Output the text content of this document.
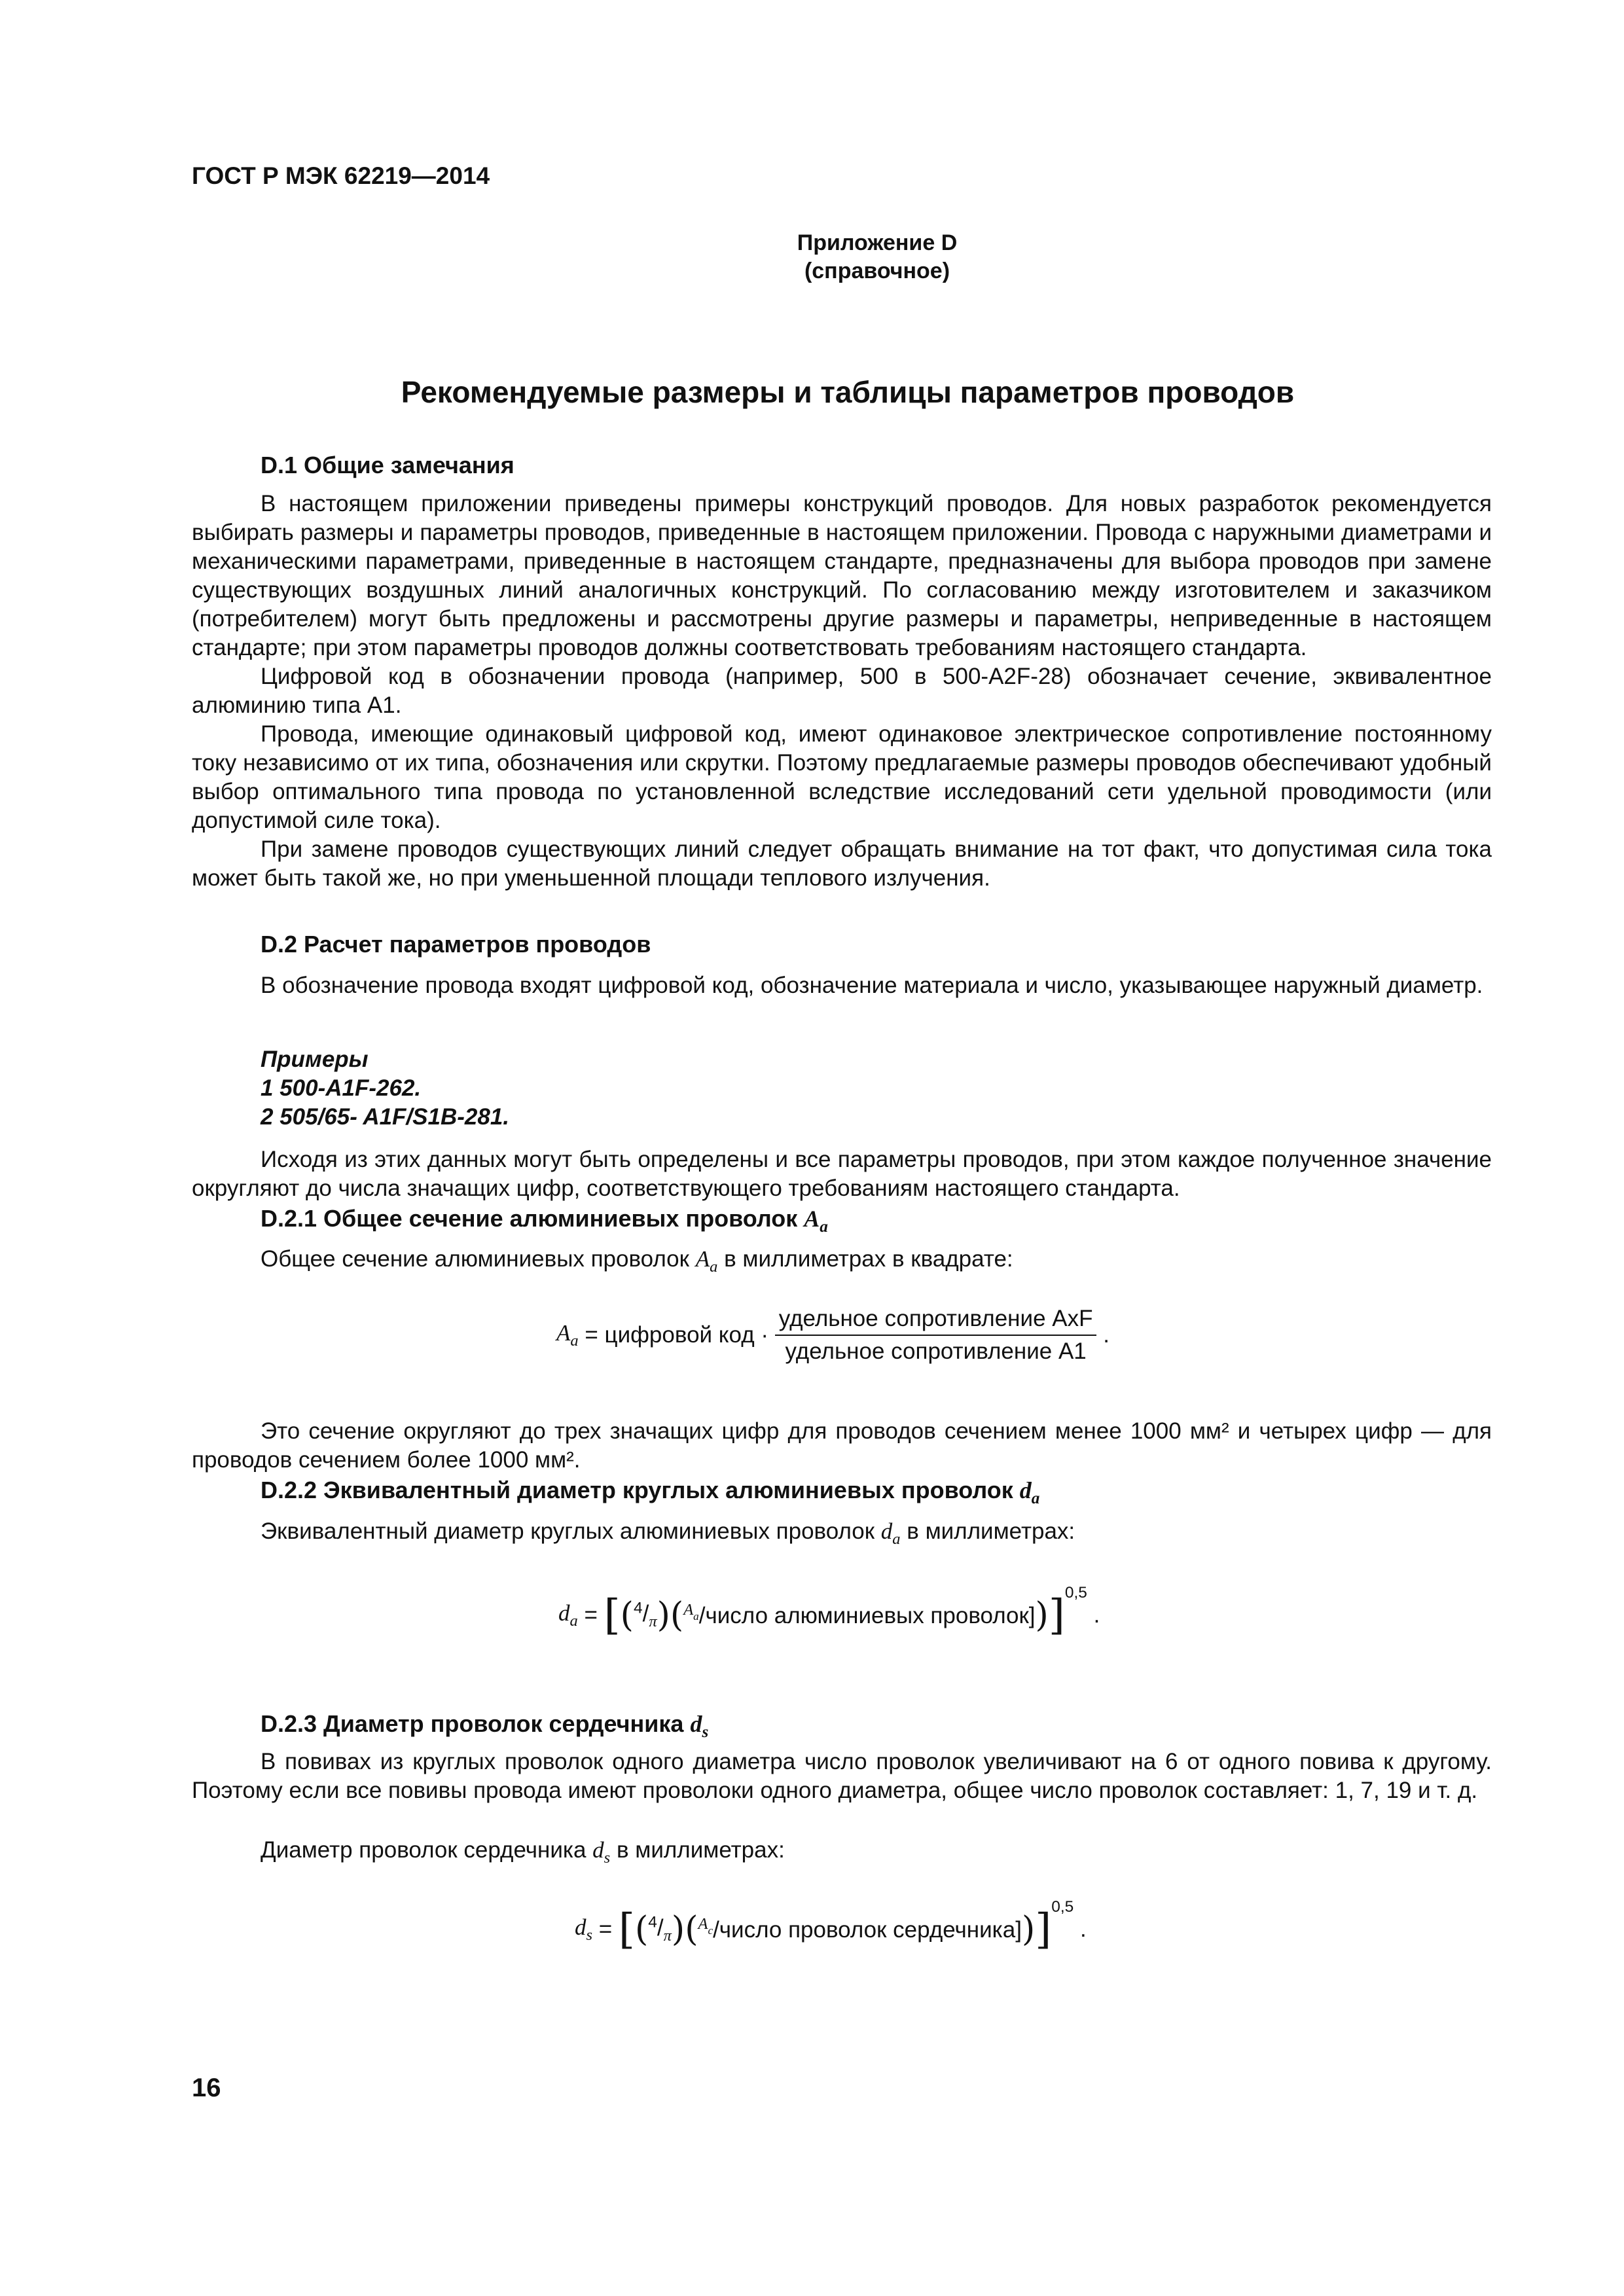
ГОСТ Р МЭК 62219—2014
Приложение D
(справочное)
Рекомендуемые размеры и таблицы параметров проводов
D.1 Общие замечания

В настоящем приложении приведены примеры конструкций проводов. Для новых разработок рекомендуется выбирать размеры и параметры проводов, приведенные в настоящем приложении. Провода с наружными диаметрами и механическими параметрами, приведенные в настоящем стандарте, предназначены для выбора проводов при замене существующих воздушных линий аналогичных конструкций. По согласованию между изготовителем и заказчиком (потребителем) могут быть предложены и рассмотрены другие размеры и параметры, неприведенные в настоящем стандарте; при этом параметры проводов должны соответствовать требованиям настоящего стандарта.

Цифровой код в обозначении провода (например, 500 в 500-A2F-28) обозначает сечение, эквивалентное алюминию типа А1.

Провода, имеющие одинаковый цифровой код, имеют одинаковое электрическое сопротивление постоянному току независимо от их типа, обозначения или скрутки. Поэтому предлагаемые размеры проводов обеспечивают удобный выбор оптимального типа провода по установленной вследствие исследований сети удельной проводимости (или допустимой силе тока).

При замене проводов существующих линий следует обращать внимание на тот факт, что допустимая сила тока может быть такой же, но при уменьшенной площади теплового излучения.

D.2 Расчет параметров проводов

В обозначение провода входят цифровой код, обозначение материала и число, указывающее наружный диаметр.

Примеры
1 500-A1F-262.
2 505/65- A1F/S1B-281.

Исходя из этих данных могут быть определены и все параметры проводов, при этом каждое полученное значение округляют до числа значащих цифр, соответствующего требованиям настоящего стандарта.

D.2.1 Общее сечение алюминиевых проволок $A_a$
Общее сечение алюминиевых проволок $A_a$ в миллиметрах в квадрате:
$A_a$ = цифровой код · $\frac{\text{удельное сопротивление AxF}}{\text{удельное сопротивление А1}}$ .

Это сечение округляют до трех значащих цифр для проводов сечением менее 1000 мм² и четырех цифр — для проводов сечением более 1000 мм².

D.2.2 Эквивалентный диаметр круглых алюминиевых проволок $d_a$
Эквивалентный диаметр круглых алюминиевых проволок $d_a$ в миллиметрах:
$d_a$ = [$(^4/_\pi)(^{A_a}$/число алюминиевых проволок])]$^{0,5}$ .
D.2.3 Диаметр проволок сердечника $d_s$

В повивах из круглых проволок одного диаметра число проволок увеличивают на 6 от одного повива к другому. Поэтому если все повивы провода имеют проволоки одного диаметра, общее число проволок составляет: 1, 7, 19 и т. д.

Диаметр проволок сердечника $d_s$ в миллиметрах:
$d_s$ = [$(^4/_\pi)(^{A_c}$/число проволок сердечника])]$^{0,5}$ .
16
